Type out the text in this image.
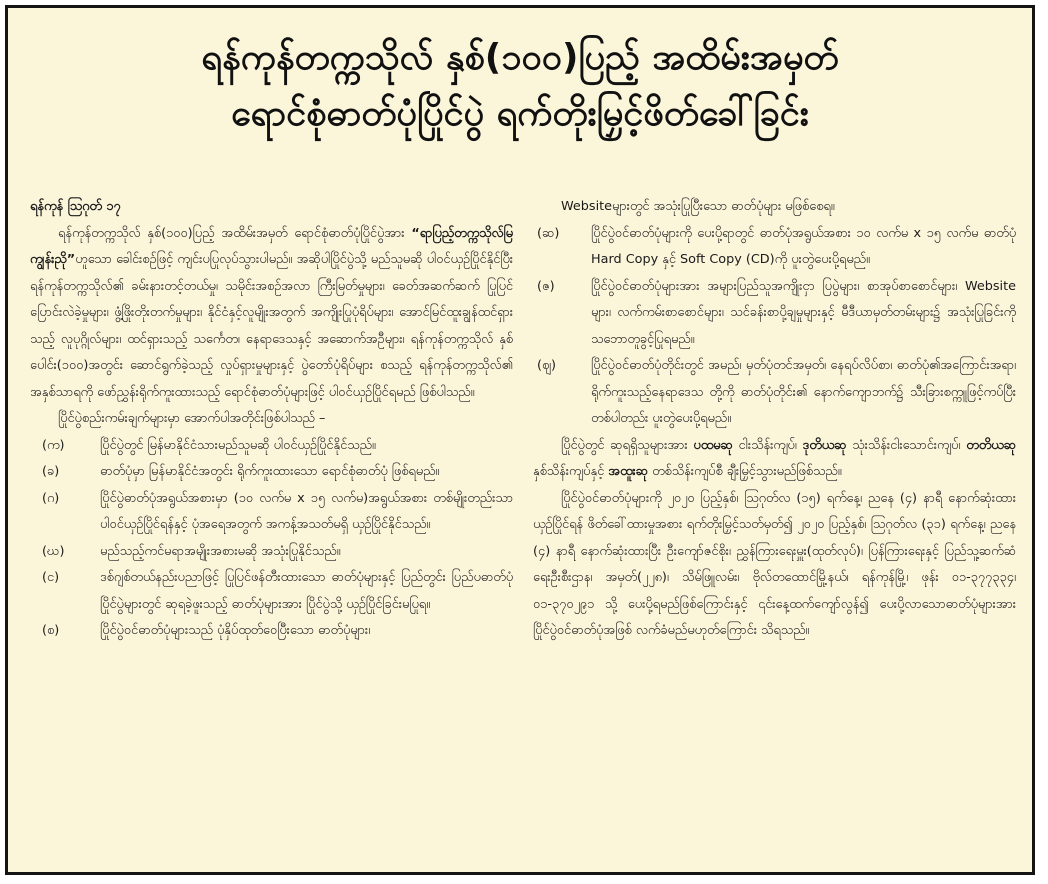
ရန်ကုန်တက္ကသိုလ် နှစ်(၁၀၀)ပြည့် အထိမ်းအမှတ်
ရောင်စုံဓာတ်ပုံပြိုင်ပွဲ ရက်တိုးမြှင့်ဖိတ်ခေါ်ခြင်း

ရန်ကုန် ဩဂုတ် ၁၇

ရန်ကုန်တက္ကသိုလ် နှစ်(၁၀၀)ပြည့် အထိမ်းအမှတ် ရောင်စုံဓာတ်ပုံပြိုင်ပွဲအား “ရာပြည့်တက္ကသိုလ်မြကျွန်းညို”ဟူသော ခေါင်းစဉ်ဖြင့် ကျင်းပပြုလုပ်သွားပါမည်။ အဆိုပါပြိုင်ပွဲသို့ မည်သူမဆို ပါဝင်ယှဉ်ပြိုင်နိုင်ပြီး ရန်ကုန်တက္ကသိုလ်၏ ခမ်းနားတင့်တယ်မှု၊ သမိုင်းအစဉ်အလာ ကြီးမြတ်မှုများ၊ ခေတ်အဆက်ဆက် ပြုပြင်ပြောင်းလဲခဲ့မှုများ၊ ဖွံ့ဖြိုးတိုးတက်မှုများ၊ နိုင်ငံနှင့်လူမျိုးအတွက် အကျိုးပြုပုံရိပ်များ၊ အောင်မြင်ထူးချွန်ထင်ရှားသည့် လူပုဂ္ဂိုလ်များ၊ ထင်ရှားသည့် သင်္ကေတ၊ နေရာဒေသနှင့် အဆောက်အဦများ၊ ရန်ကုန်တက္ကသိုလ် နှစ်ပေါင်း(၁၀၀)အတွင်း ဆောင်ရွက်ခဲ့သည့် လှုပ်ရှားမှုများနှင့် ပွဲတော်ပုံရိပ်များ စသည့် ရန်ကုန်တက္ကသိုလ်၏ အနှစ်သာရကို ဖော်ညွှန်းရိုက်ကူးထားသည့် ရောင်စုံဓာတ်ပုံများဖြင့် ပါဝင်ယှဉ်ပြိုင်ရမည် ဖြစ်ပါသည်။

ပြိုင်ပွဲစည်းကမ်းချက်များမှာ အောက်ပါအတိုင်းဖြစ်ပါသည် –

(က)	ပြိုင်ပွဲတွင် မြန်မာနိုင်ငံသားမည်သူမဆို ပါဝင်ယှဉ်ပြိုင်နိုင်သည်။
(ခ)	ဓာတ်ပုံမှာ မြန်မာနိုင်ငံအတွင်း ရိုက်ကူးထားသော ရောင်စုံဓာတ်ပုံ ဖြစ်ရမည်။
(ဂ)	ပြိုင်ပွဲဓာတ်ပုံအရွယ်အစားမှာ (၁၀ လက်မ x ၁၅ လက်မ)အရွယ်အစား တစ်မျိုးတည်းသာ ပါဝင်ယှဉ်ပြိုင်ရန်နှင့် ပုံအရေအတွက် အကန့်အသတ်မရှိ ယှဉ်ပြိုင်နိုင်သည်။
(ဃ)	မည်သည့်ကင်မရာအမျိုးအစားမဆို အသုံးပြုနိုင်သည်။
(င)	ဒစ်ဂျစ်တယ်နည်းပညာဖြင့် ပြုပြင်ဖန်တီးထားသော ဓာတ်ပုံများနှင့် ပြည်တွင်း ပြည်ပဓာတ်ပုံပြိုင်ပွဲများတွင် ဆုရခဲ့ဖူးသည့် ဓာတ်ပုံများအား ပြိုင်ပွဲသို့ ယှဉ်ပြိုင်ခြင်းမပြုရ။
(စ)	ပြိုင်ပွဲဝင်ဓာတ်ပုံများသည် ပုံနှိပ်ထုတ်ဝေပြီးသော ဓာတ်ပုံများ၊

Websiteများတွင် အသုံးပြုပြီးသော ဓာတ်ပုံများ မဖြစ်စေရ။

(ဆ)	ပြိုင်ပွဲဝင်ဓာတ်ပုံများကို ပေးပို့ရာတွင် ဓာတ်ပုံအရွယ်အစား ၁၀ လက်မ x ၁၅ လက်မ ဓာတ်ပုံ Hard Copy နှင့် Soft Copy (CD)ကို ပူးတွဲပေးပို့ရမည်။
(ဇ)	ပြိုင်ပွဲဝင်ဓာတ်ပုံများအား အများပြည်သူအကျိုးငှာ ပြပွဲများ၊ စာအုပ်စာစောင်များ၊ Website များ၊ လက်ကမ်းစာစောင်များ၊ သင်ခန်းစာပို့ချမှုများနှင့် မီဒီယာမှတ်တမ်းများ၌ အသုံးပြုခြင်းကို သဘောတူခွင့်ပြုရမည်။
(ဈ)	ပြိုင်ပွဲဝင်ဓာတ်ပုံတိုင်းတွင် အမည်၊ မှတ်ပုံတင်အမှတ်၊ နေရပ်လိပ်စာ၊ ဓာတ်ပုံ၏အကြောင်းအရာ၊ ရိုက်ကူးသည့်နေရာဒေသ တို့ကို ဓာတ်ပုံတိုင်း၏ နောက်ကျောဘက်၌ သီးခြားစက္ကူဖြင့်ကပ်ပြီး တစ်ပါတည်း ပူးတွဲပေးပို့ရမည်။

ပြိုင်ပွဲတွင် ဆုရရှိသူများအား ပထမဆု ငါးသိန်းကျပ်၊ ဒုတိယဆု သုံးသိန်းငါးသောင်းကျပ်၊ တတိယဆု နှစ်သိန်းကျပ်နှင့် အထူးဆု တစ်သိန်းကျပ်စီ ချီးမြှင့်သွားမည်ဖြစ်သည်။

ပြိုင်ပွဲဝင်ဓာတ်ပုံများကို ၂၀၂၀ ပြည့်နှစ်၊ ဩဂုတ်လ (၁၅) ရက်နေ့၊ ညနေ (၄) နာရီ နောက်ဆုံးထားယှဉ်ပြိုင်ရန် ဖိတ်ခေါ်ထားမှုအစား ရက်တိုးမြှင့်သတ်မှတ်၍ ၂၀၂၀ ပြည့်နှစ်၊ ဩဂုတ်လ (၃၁) ရက်နေ့၊ ညနေ (၄) နာရီ နောက်ဆုံးထားပြီး ဦးကျော်ဇင်စိုး၊ ညွှန်ကြားရေးမှူး(ထုတ်လုပ်)၊ ပြန်ကြားရေးနှင့် ပြည်သူ့ဆက်ဆံရေးဦးစီးဌာန၊ အမှတ်(၂၂၈)၊ သိမ်ဖြူလမ်း၊ ဗိုလ်တထောင်မြို့နယ်၊ ရန်ကုန်မြို့၊ ဖုန်း ၀၁-၃၇၇၃၃၄၊ ၀၁-၃၇၀၂၉၁ သို့ ပေးပို့ရမည်ဖြစ်ကြောင်းနှင့် ၎င်းနေ့ထက်ကျော်လွန်၍ ပေးပို့လာသောဓာတ်ပုံများအား ပြိုင်ပွဲဝင်ဓာတ်ပုံအဖြစ် လက်ခံမည်မဟုတ်ကြောင်း သိရသည်။
